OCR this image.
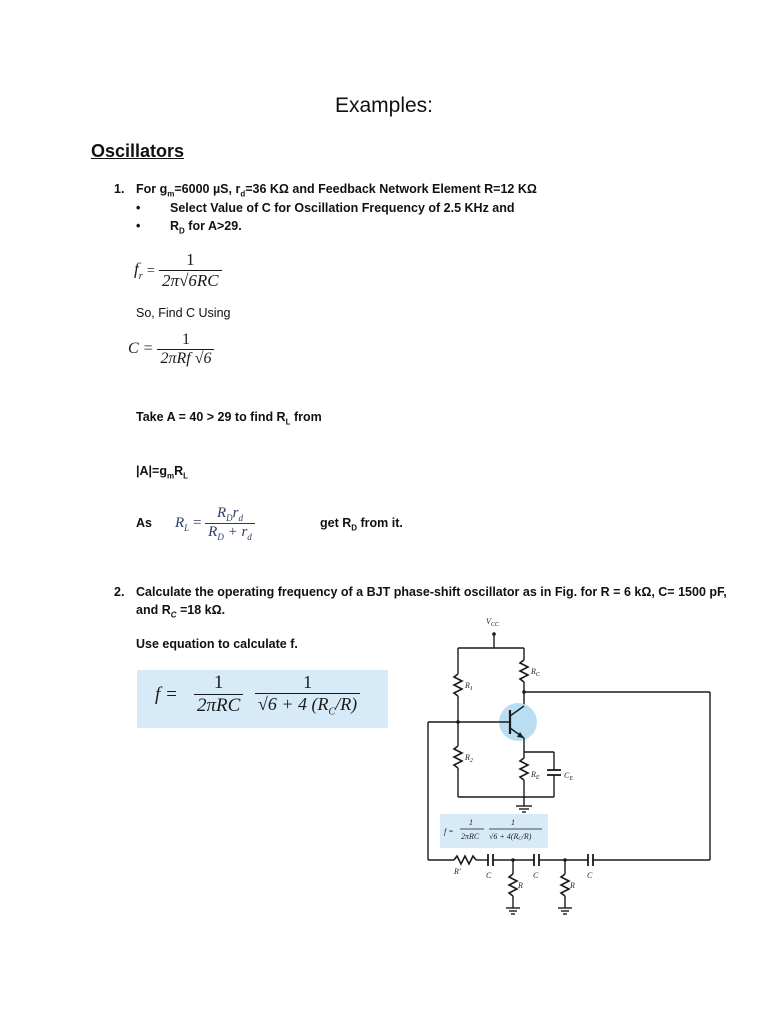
Examples:
Oscillators
1. For $g_m=6000$ µS, $r_d=36$ KΩ and Feedback Network Element R=12 KΩ
• Select Value of C for Oscillation Frequency of 2.5 KHz and
• $R_D$ for A>29.
$f_r = \frac{1}{2\pi√6RC}$
So, Find C Using
$C = \frac{1}{\text{2πRf √6}}$
Take A = 40 > 29 to find $R_L$ from
$|A|=g_mR_L$
As $R_L = \frac{R_Dr_d}{R_D + r_d}$	get $R_D$ from it.
2. Calculate the operating frequency of a BJT phase-shift oscillator as in Fig. for R = 6 kΩ, C= 1500 pF,
and $R_C =18$ kΩ.
Use equation to calculate f.
f =
1
$2\pi RC \frac{1}{√6 + 4 (R_C/R)}$
$V_{CC}$
$R_1$
$R_2$
$R_C$
$R_E$	$C_E$
f =
1
2πRC
1
√6 + 4(RC/R)
R'	C	C	C
R	R
